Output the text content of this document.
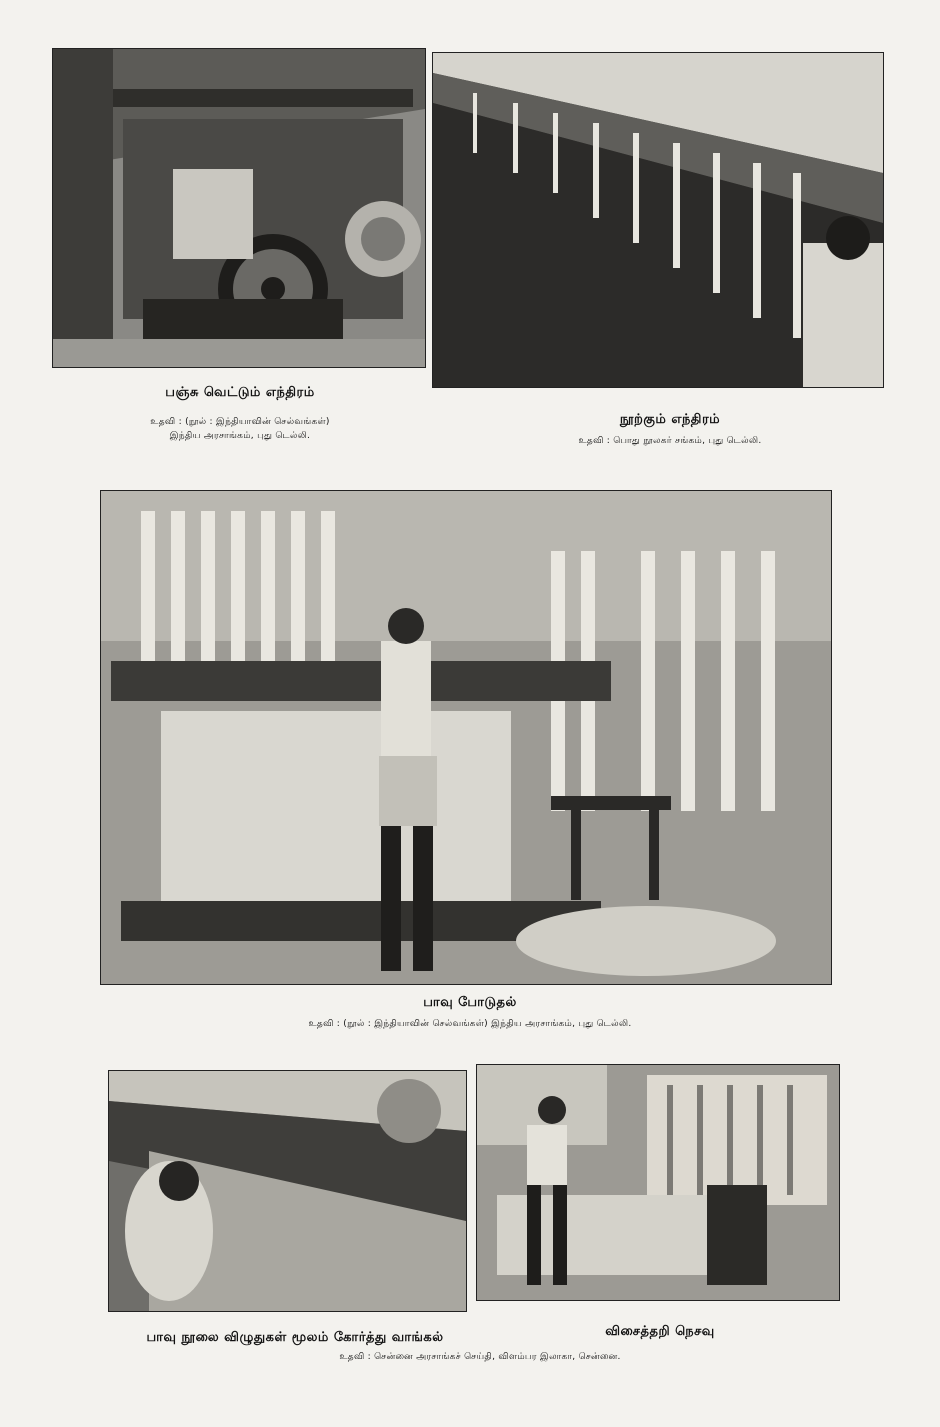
பஞ்சு வெட்டும் எந்திரம்
உதவி : (நூல் : இந்தியாவின் செல்வங்கள்)
இந்திய அரசாங்கம், புது டெல்லி.
நூற்கும் எந்திரம்
உதவி : பொது நூலகர் சங்கம், புது டெல்லி.
பாவு போடுதல்
உதவி : (நூல் : இந்தியாவின் செல்வங்கள்) இந்திய அரசாங்கம், புது டெல்லி.
பாவு நூலை விழுதுகள் மூலம் கோர்த்து வாங்கல்	விசைத்தறி நெசவு
உதவி : சென்னை அரசாங்கச் செய்தி, விளம்பர இலாகா, சென்னை.
